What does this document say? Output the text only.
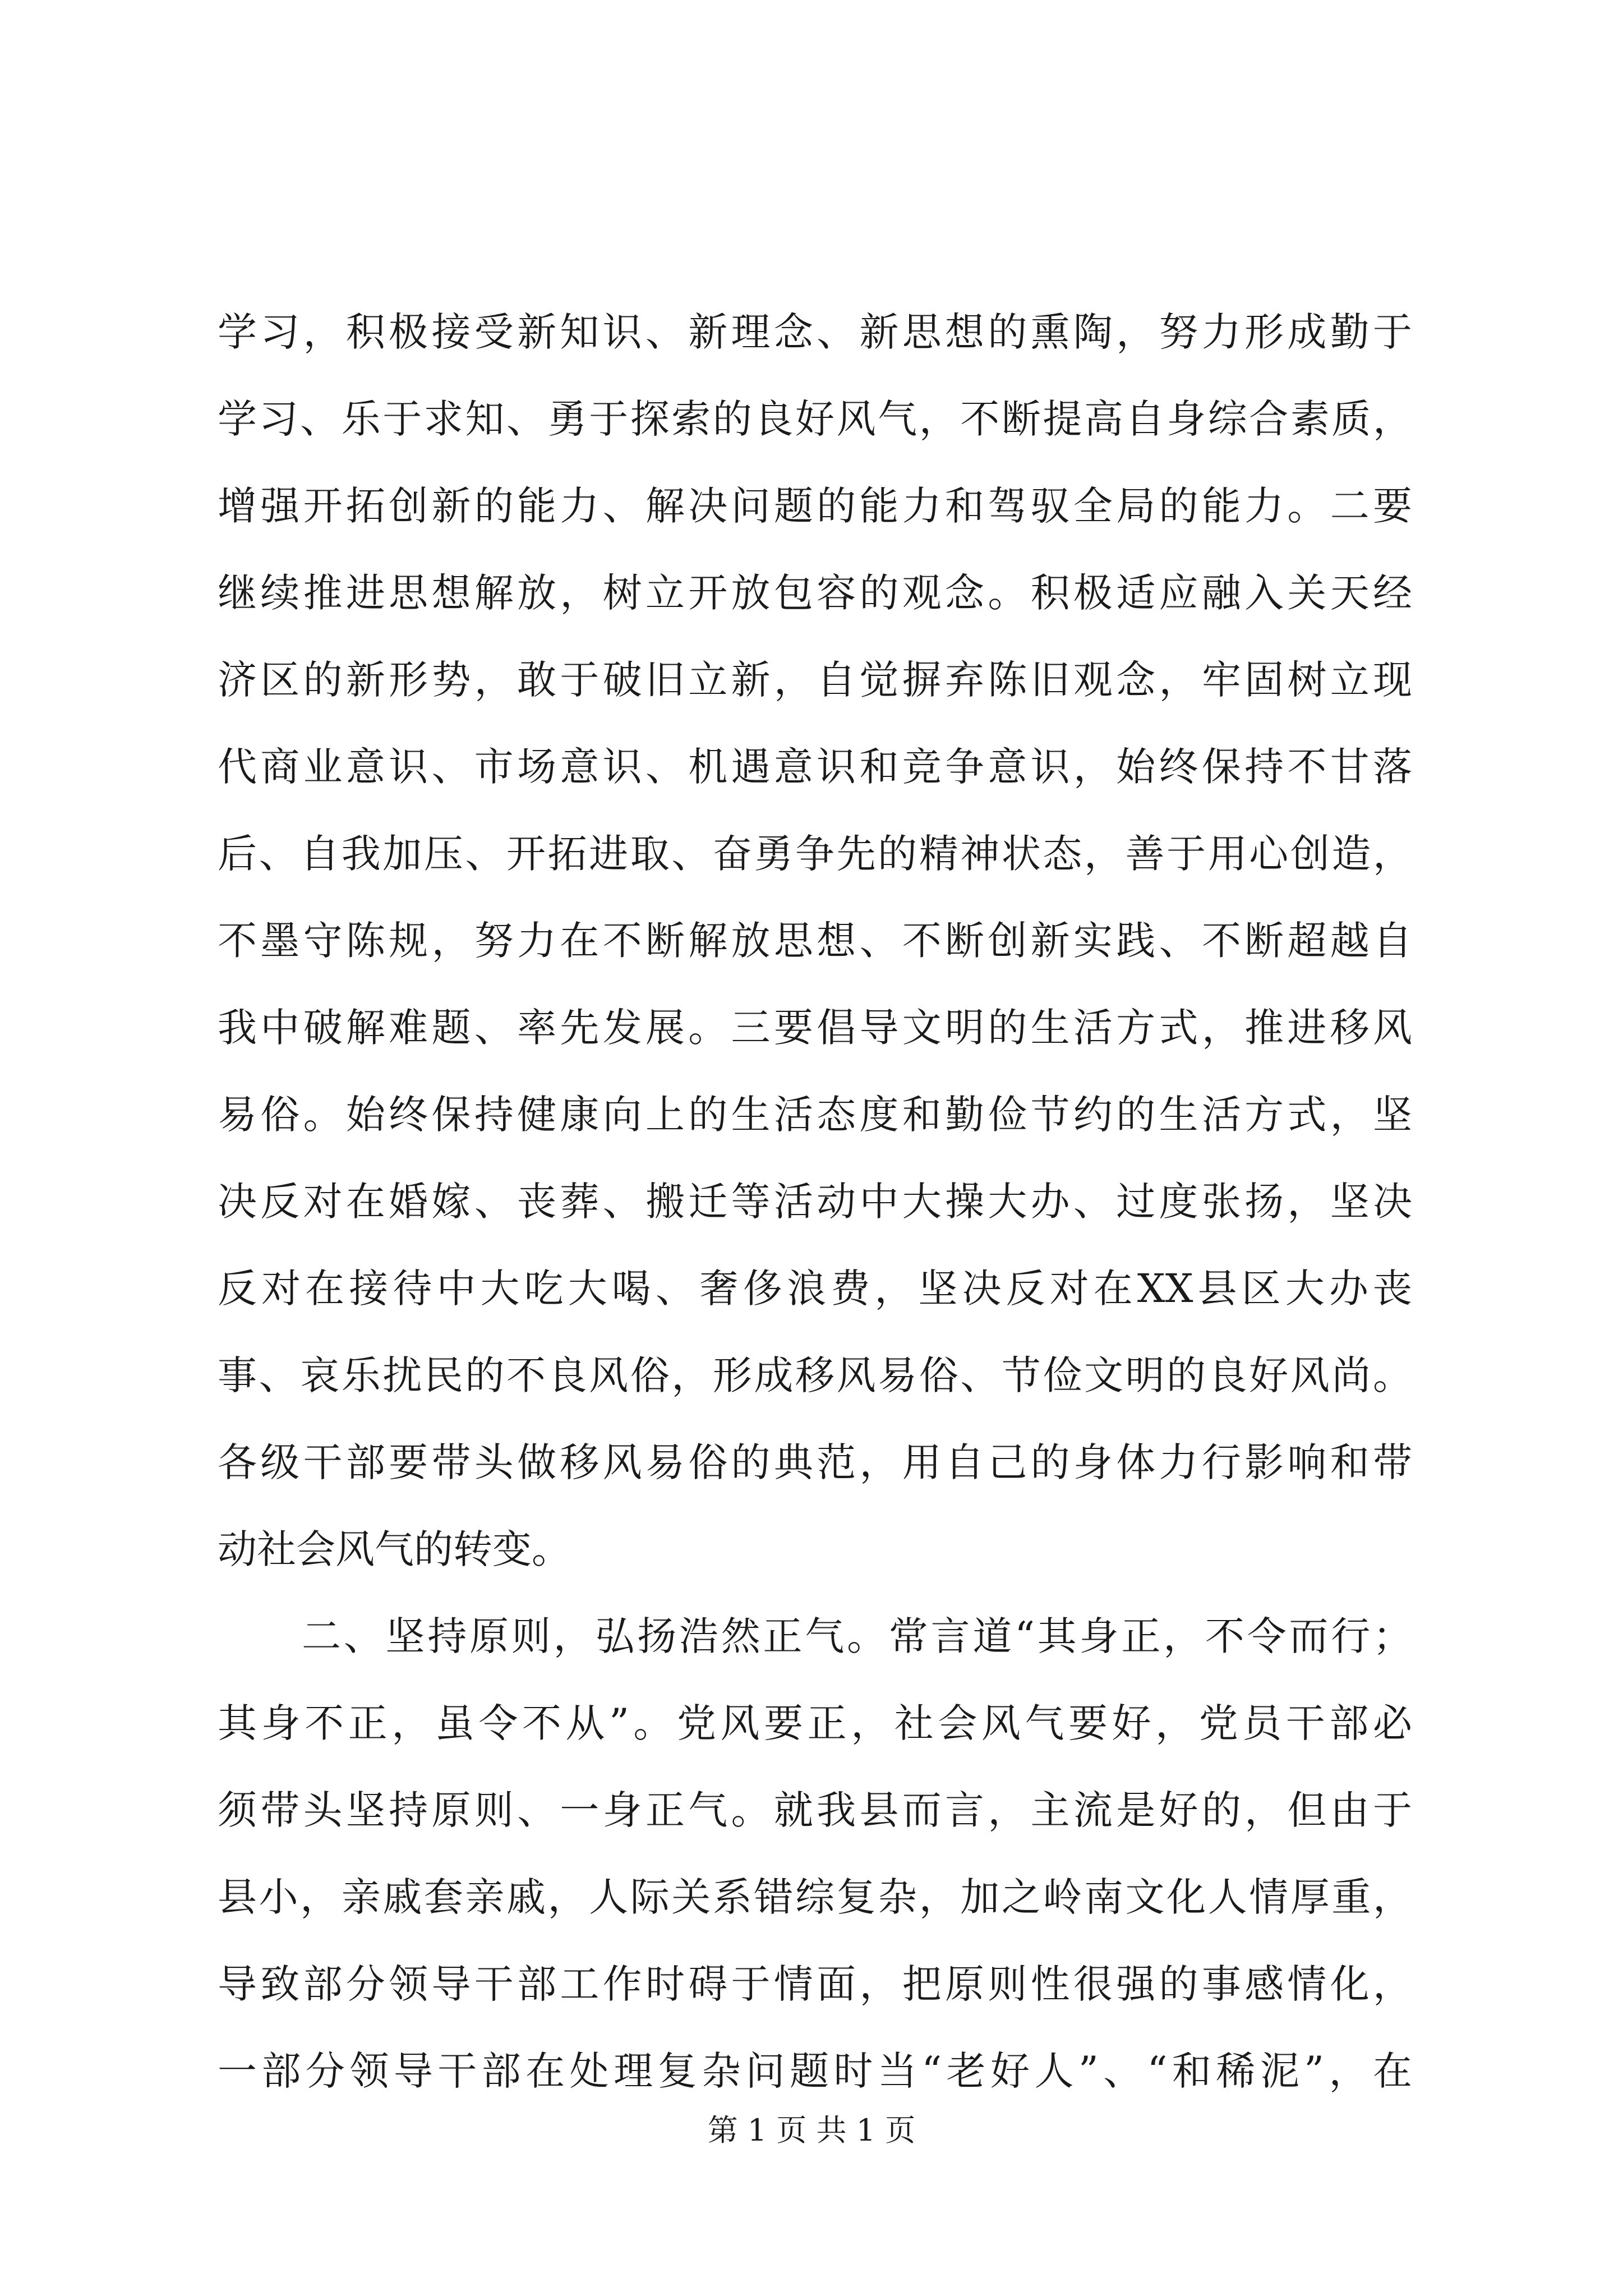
学习，积极接受新知识、新理念、新思想的熏陶，努力形成勤于
学习、乐于求知、勇于探索的良好风气，不断提高自身综合素质，
增强开拓创新的能力、解决问题的能力和驾驭全局的能力。二要
继续推进思想解放，树立开放包容的观念。积极适应融入关天经
济区的新形势，敢于破旧立新，自觉摒弃陈旧观念，牢固树立现
代商业意识、市场意识、机遇意识和竞争意识，始终保持不甘落
后、自我加压、开拓进取、奋勇争先的精神状态，善于用心创造，
不墨守陈规，努力在不断解放思想、不断创新实践、不断超越自
我中破解难题、率先发展。三要倡导文明的生活方式，推进移风
易俗。始终保持健康向上的生活态度和勤俭节约的生活方式，坚
决反对在婚嫁、丧葬、搬迁等活动中大操大办、过度张扬，坚决
反对在接待中大吃大喝、奢侈浪费，坚决反对在XX县区大办丧
事、哀乐扰民的不良风俗，形成移风易俗、节俭文明的良好风尚。
各级干部要带头做移风易俗的典范，用自己的身体力行影响和带
动社会风气的转变。
二、坚持原则，弘扬浩然正气。常言道“其身正，不令而行；
其身不正，虽令不从”。党风要正，社会风气要好，党员干部必
须带头坚持原则、一身正气。就我县而言，主流是好的，但由于
县小，亲戚套亲戚，人际关系错综复杂，加之岭南文化人情厚重，
导致部分领导干部工作时碍于情面，把原则性很强的事感情化，
一部分领导干部在处理复杂问题时当“老好人”、“和稀泥”，在
第 1 页 共 1 页
